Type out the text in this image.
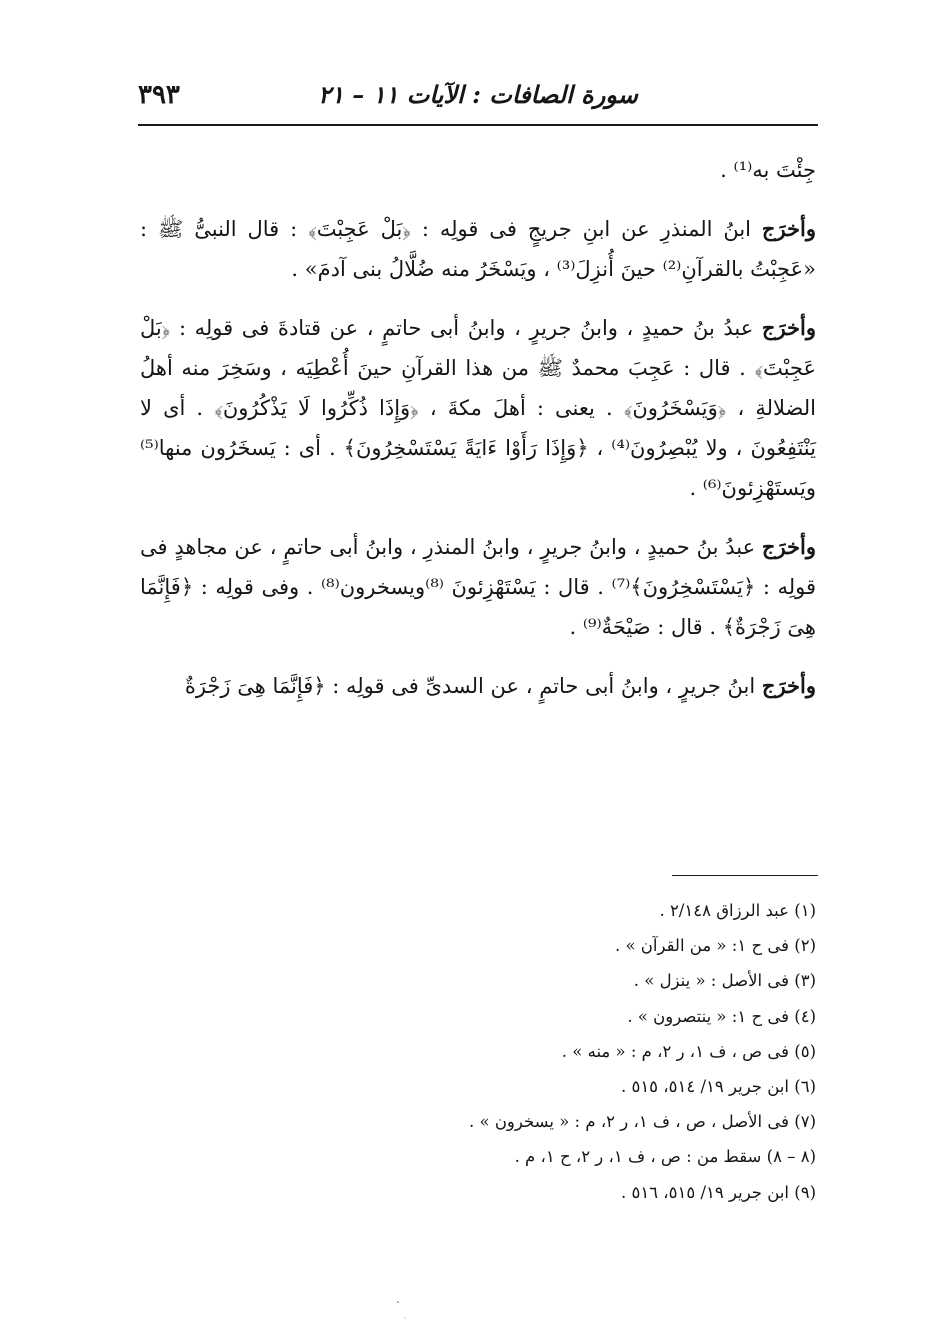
٣٩٣	سورة الصافات : الآيات ١١ – ٢١

جِئْتَ به⁽¹⁾ .

وأخرَج ابنُ المنذرِ عن ابنِ جريجٍ فى قولِه : ﴿بَلْ عَجِبْتَ﴾ : قال النبىُّ ﷺ : «عَجِبْتُ بالقرآنِ⁽²⁾ حينَ أُنزِلَ⁽³⁾ ، ويَسْخَرُ منه ضُلَّالُ بنى آدمَ» .

وأخرَج عبدُ بنُ حميدٍ ، وابنُ جريرٍ ، وابنُ أبى حاتمٍ ، عن قتادةَ فى قولِه : ﴿بَلْ عَجِبْتَ﴾ . قال : عَجِبَ محمدٌ ﷺ من هذا القرآنِ حينَ أُعْطِيَه ، وسَخِرَ منه أهلُ الضلالةِ ، ﴿وَيَسْخَرُونَ﴾ . يعنى : أهلَ مكةَ ، ﴿وَإِذَا ذُكِّرُوا لَا يَذْكُرُونَ﴾ . أى لا يَنْتَفِعُونَ ، ولا يُبْصِرُونَ⁽⁴⁾ ، ﴿وَإِذَا رَأَوْا ءَايَةً يَسْتَسْخِرُونَ﴾ . أى : يَسخَرُون منها⁽⁵⁾ ويَستَهْزِئونَ⁽⁶⁾ .

وأخرَج عبدُ بنُ حميدٍ ، وابنُ جريرٍ ، وابنُ المنذرِ ، وابنُ أبى حاتمٍ ، عن مجاهدٍ فى قولِه : ﴿يَسْتَسْخِرُونَ﴾⁽⁷⁾ . قال : يَسْتَهْزِئونَ ⁽⁸⁾ويسخرون⁽⁸⁾ . وفى قولِه : ﴿فَإِنَّمَا هِىَ زَجْرَةٌ﴾ . قال : صَيْحَةٌ⁽⁹⁾ .

وأخرَج ابنُ جريرٍ ، وابنُ أبى حاتمٍ ، عن السدىِّ فى قولِه : ﴿فَإِنَّمَا هِىَ زَجْرَةٌ

(١) عبد الرزاق ٢/١٤٨ .

(٢) فى ح ١: « من القرآن » .

(٣) فى الأصل : « ينزل » .

(٤) فى ح ١: « ينتصرون » .

(٥) فى ص ، ف ١، ر ٢، م : « منه » .

(٦) ابن جرير ١٩/ ٥١٤، ٥١٥ .

(٧) فى الأصل ، ص ، ف ١، ر ٢، م : « يسخرون » .

(٨ – ٨) سقط من : ص ، ف ١، ر ٢، ح ١، م .

(٩) ابن جرير ١٩/ ٥١٥، ٥١٦ .
